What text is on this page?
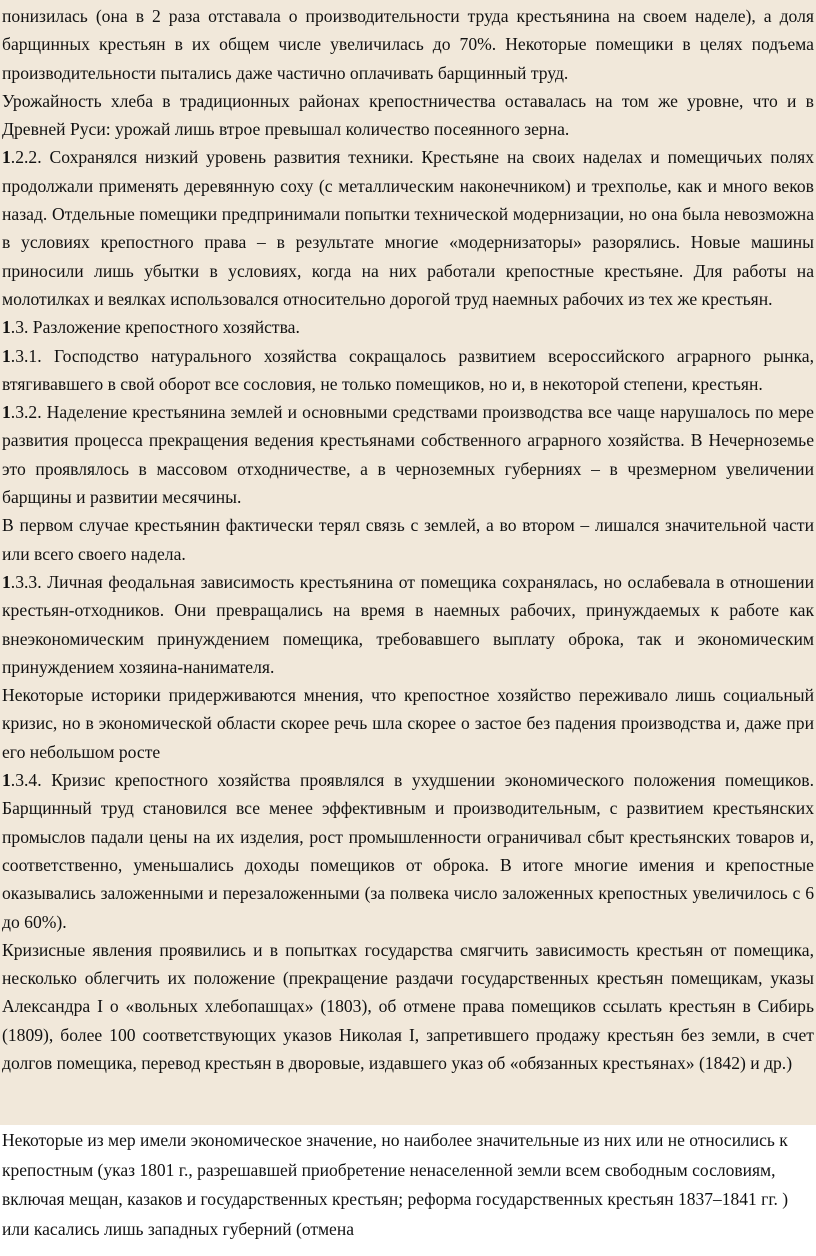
понизилась (она в 2 раза отставала о производительности труда крестьянина на своем наделе), а доля барщинных крестьян в их общем числе увеличилась до 70%. Некоторые помещики в целях подъема производительности пытались даже частично оплачивать барщинный труд.

Урожайность хлеба в традиционных районах крепостничества оставалась на том же уровне, что и в Древней Руси: урожай лишь втрое превышал количество посеянного зерна.

1.2.2. Сохранялся низкий уровень развития техники. Крестьяне на своих наделах и помещичьих полях продолжали применять деревянную соху (с металлическим наконечником) и трехполье, как и много веков назад. Отдельные помещики предпринимали попытки технической модернизации, но она была невозможна в условиях крепостного права – в результате многие «модернизаторы» разорялись. Новые машины приносили лишь убытки в условиях, когда на них работали крепостные крестьяне. Для работы на молотилках и веялках использовался относительно дорогой труд наемных рабочих из тех же крестьян.

1.3. Разложение крепостного хозяйства.

1.3.1. Господство натурального хозяйства сокращалось развитием всероссийского аграрного рынка, втягивавшего в свой оборот все сословия, не только помещиков, но и, в некоторой степени, крестьян.

1.3.2. Наделение крестьянина землей и основными средствами производства все чаще нарушалось по мере развития процесса прекращения ведения крестьянами собственного аграрного хозяйства. В Нечерноземье это проявлялось в массовом отходничестве, а в черноземных губерниях – в чрезмерном увеличении барщины и развитии месячины.

В первом случае крестьянин фактически терял связь с землей, а во втором – лишался значительной части или всего своего надела.

1.3.3. Личная феодальная зависимость крестьянина от помещика сохранялась, но ослабевала в отношении крестьян-отходников. Они превращались на время в наемных рабочих, принуждаемых к работе как внеэкономическим принуждением помещика, требовавшего выплату оброка, так и экономическим принуждением хозяина-нанимателя.

Некоторые историки придерживаются мнения, что крепостное хозяйство переживало лишь социальный кризис, но в экономической области скорее речь шла скорее о застое без падения производства и, даже при его небольшом росте

1.3.4. Кризис крепостного хозяйства проявлялся в ухудшении экономического положения помещиков. Барщинный труд становился все менее эффективным и производительным, с развитием крестьянских промыслов падали цены на их изделия, рост промышленности ограничивал сбыт крестьянских товаров и, соответственно, уменьшались доходы помещиков от оброка. В итоге многие имения и крепостные оказывались заложенными и перезаложенными (за полвека число заложенных крепостных увеличилось с 6 до 60%).

Кризисные явления проявились и в попытках государства смягчить зависимость крестьян от помещика, несколько облегчить их положение (прекращение раздачи государственных крестьян помещикам, указы Александра I о «вольных хлебопашцах» (1803), об отмене права помещиков ссылать крестьян в Сибирь (1809), более 100 соответствующих указов Николая I, запретившего продажу крестьян без земли, в счет долгов помещика, перевод крестьян в дворовые, издавшего указ об «обязанных крестьянах» (1842) и др.)

Некоторые из мер имели экономическое значение, но наиболее значительные из них или не относились к крепостным (указ 1801 г., разрешавшей приобретение ненаселенной земли всем свободным сословиям, включая мещан, казаков и государственных крестьян; реформа государственных крестьян 1837–1841 гг. ) или касались лишь западных губерний (отмена
